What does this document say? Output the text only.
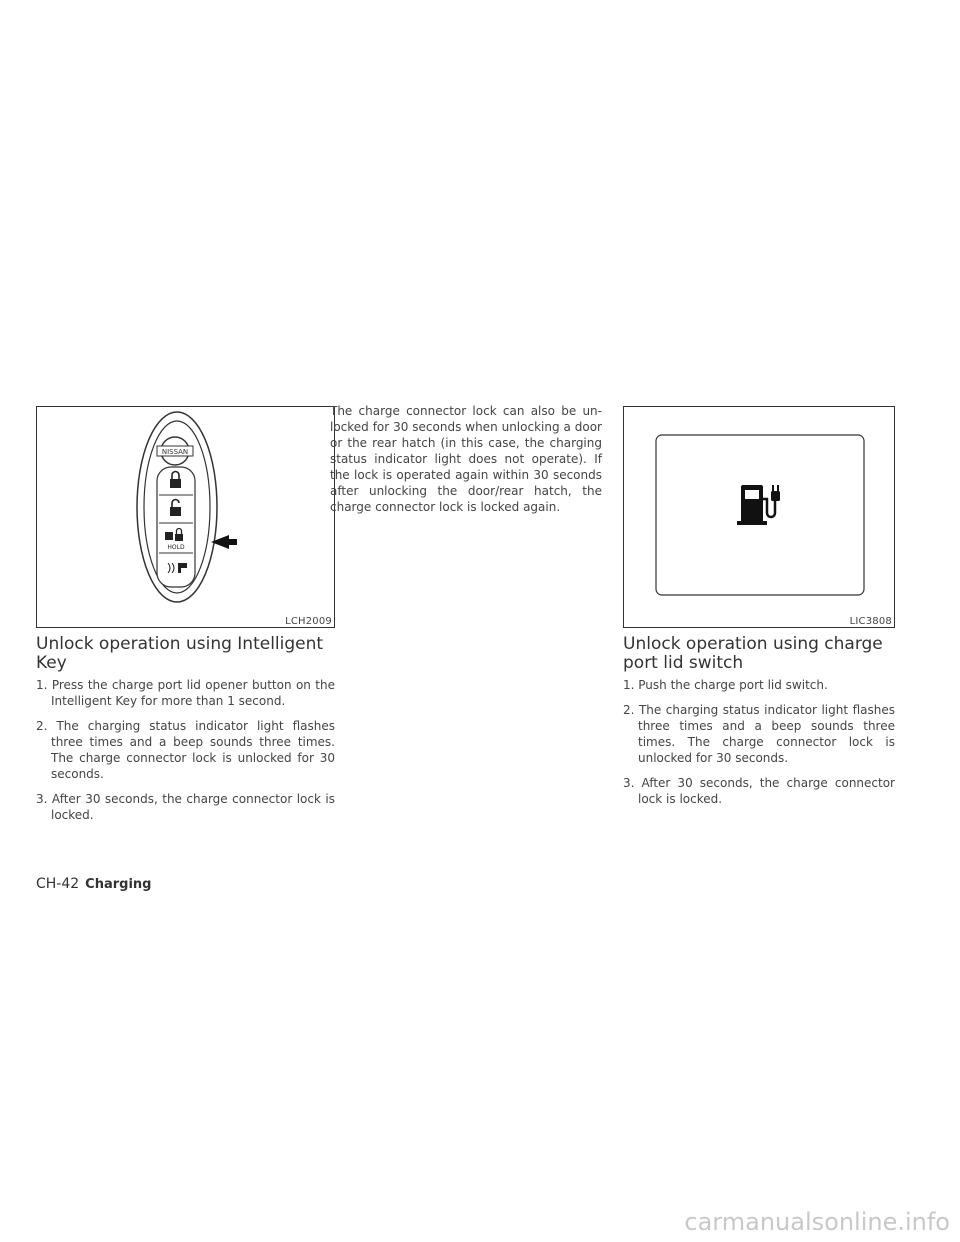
NISSAN
HOLD
LCH2009	LIC3808
Unlock operation using Intelligent
Key
1. Press the charge port lid opener button on the Intelligent Key for more than 1 second.
2. The charging status indicator light flashes three times and a beep sounds three times. The charge connector lock is unlocked for 30 seconds.
3. After 30 seconds, the charge connector lock is locked.
The charge connector lock can also be un-locked for 30 seconds when unlocking a door or the rear hatch (in this case, the charging status indicator light does not operate). If the lock is operated again within 30 seconds after unlocking the door/rear hatch, the charge connector lock is locked again.
Unlock operation using charge
port lid switch
1. Push the charge port lid switch.
2. The charging status indicator light flashes three times and a beep sounds three times. The charge connector lock is unlocked for 30 seconds.
3. After 30 seconds, the charge connector lock is locked.
CH-42 Charging
carmanualsonline.info
